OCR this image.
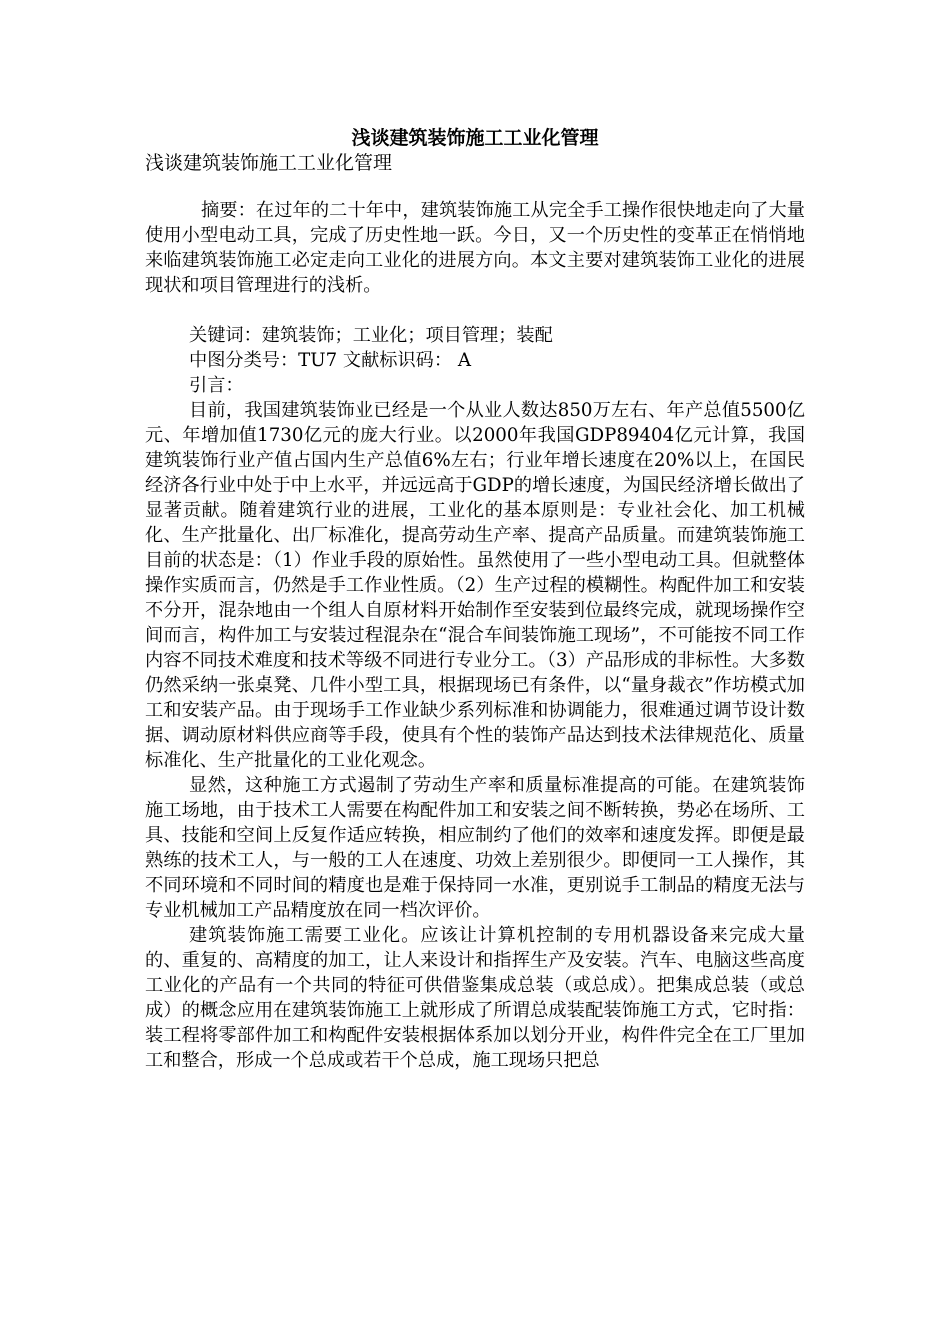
浅谈建筑装饰施工工业化管理
浅谈建筑装饰施工工业化管理

摘要：在过年的二十年中，建筑装饰施工从完全手工操作很快地走向了大量使用小型电动工具，完成了历史性地一跃。今日，又一个历史性的变革正在悄悄地来临建筑装饰施工必定走向工业化的进展方向。本文主要对建筑装饰工业化的进展现状和项目管理进行的浅析。

关键词：建筑装饰；工业化；项目管理；装配

中图分类号：TU7 文献标识码： A

引言：

目前，我国建筑装饰业已经是一个从业人数达850万左右、年产总值5500亿元、年增加值1730亿元的庞大行业。以2000年我国GDP89404亿元计算，我国建筑装饰行业产值占国内生产总值6%左右；行业年增长速度在20%以上，在国民经济各行业中处于中上水平，并远远高于GDP的增长速度，为国民经济增长做出了显著贡献。随着建筑行业的进展，工业化的基本原则是：专业社会化、加工机械化、生产批量化、出厂标准化，提高劳动生产率、提高产品质量。而建筑装饰施工目前的状态是：（1）作业手段的原始性。虽然使用了一些小型电动工具。但就整体操作实质而言，仍然是手工作业性质。（2）生产过程的模糊性。构配件加工和安装不分开，混杂地由一个组人自原材料开始制作至安装到位最终完成，就现场操作空间而言，构件加工与安装过程混杂在“混合车间装饰施工现场”，不可能按不同工作内容不同技术难度和技术等级不同进行专业分工。（3）产品形成的非标性。大多数仍然采纳一张桌凳、几件小型工具，根据现场已有条件，以“量身裁衣”作坊模式加工和安装产品。由于现场手工作业缺少系列标准和协调能力，很难通过调节设计数据、调动原材料供应商等手段，使具有个性的装饰产品达到技术法律规范化、质量标准化、生产批量化的工业化观念。

显然，这种施工方式遏制了劳动生产率和质量标准提高的可能。在建筑装饰施工场地，由于技术工人需要在构配件加工和安装之间不断转换，势必在场所、工具、技能和空间上反复作适应转换，相应制约了他们的效率和速度发挥。即便是最熟练的技术工人，与一般的工人在速度、功效上差别很少。即便同一工人操作，其不同环境和不同时间的精度也是难于保持同一水准，更别说手工制品的精度无法与专业机械加工产品精度放在同一档次评价。

建筑装饰施工需要工业化。应该让计算机控制的专用机器设备来完成大量的、重复的、高精度的加工，让人来设计和指挥生产及安装。汽车、电脑这些高度工业化的产品有一个共同的特征可供借鉴集成总装（或总成）。把集成总装（或总成）的概念应用在建筑装饰施工上就形成了所谓总成装配装饰施工方式，它时指：装工程将零部件加工和构配件安装根据体系加以划分开业，构件件完全在工厂里加工和整合，形成一个总成或若干个总成，施工现场只把总
